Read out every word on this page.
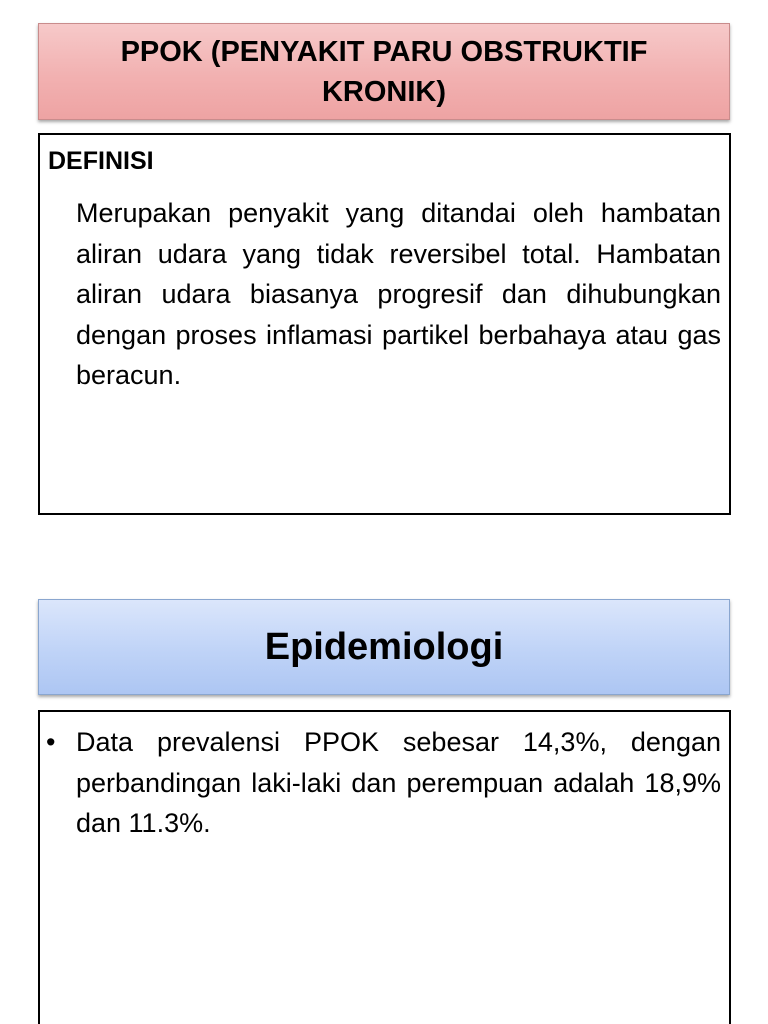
PPOK (PENYAKIT PARU OBSTRUKTIF KRONIK)
DEFINISI
Merupakan penyakit yang ditandai oleh hambatan aliran udara yang tidak reversibel total. Hambatan aliran udara biasanya progresif dan dihubungkan dengan proses inflamasi partikel berbahaya atau gas beracun.
Epidemiologi
• Data prevalensi PPOK sebesar 14,3%, dengan perbandingan laki-laki dan perempuan adalah 18,9% dan 11.3%.
